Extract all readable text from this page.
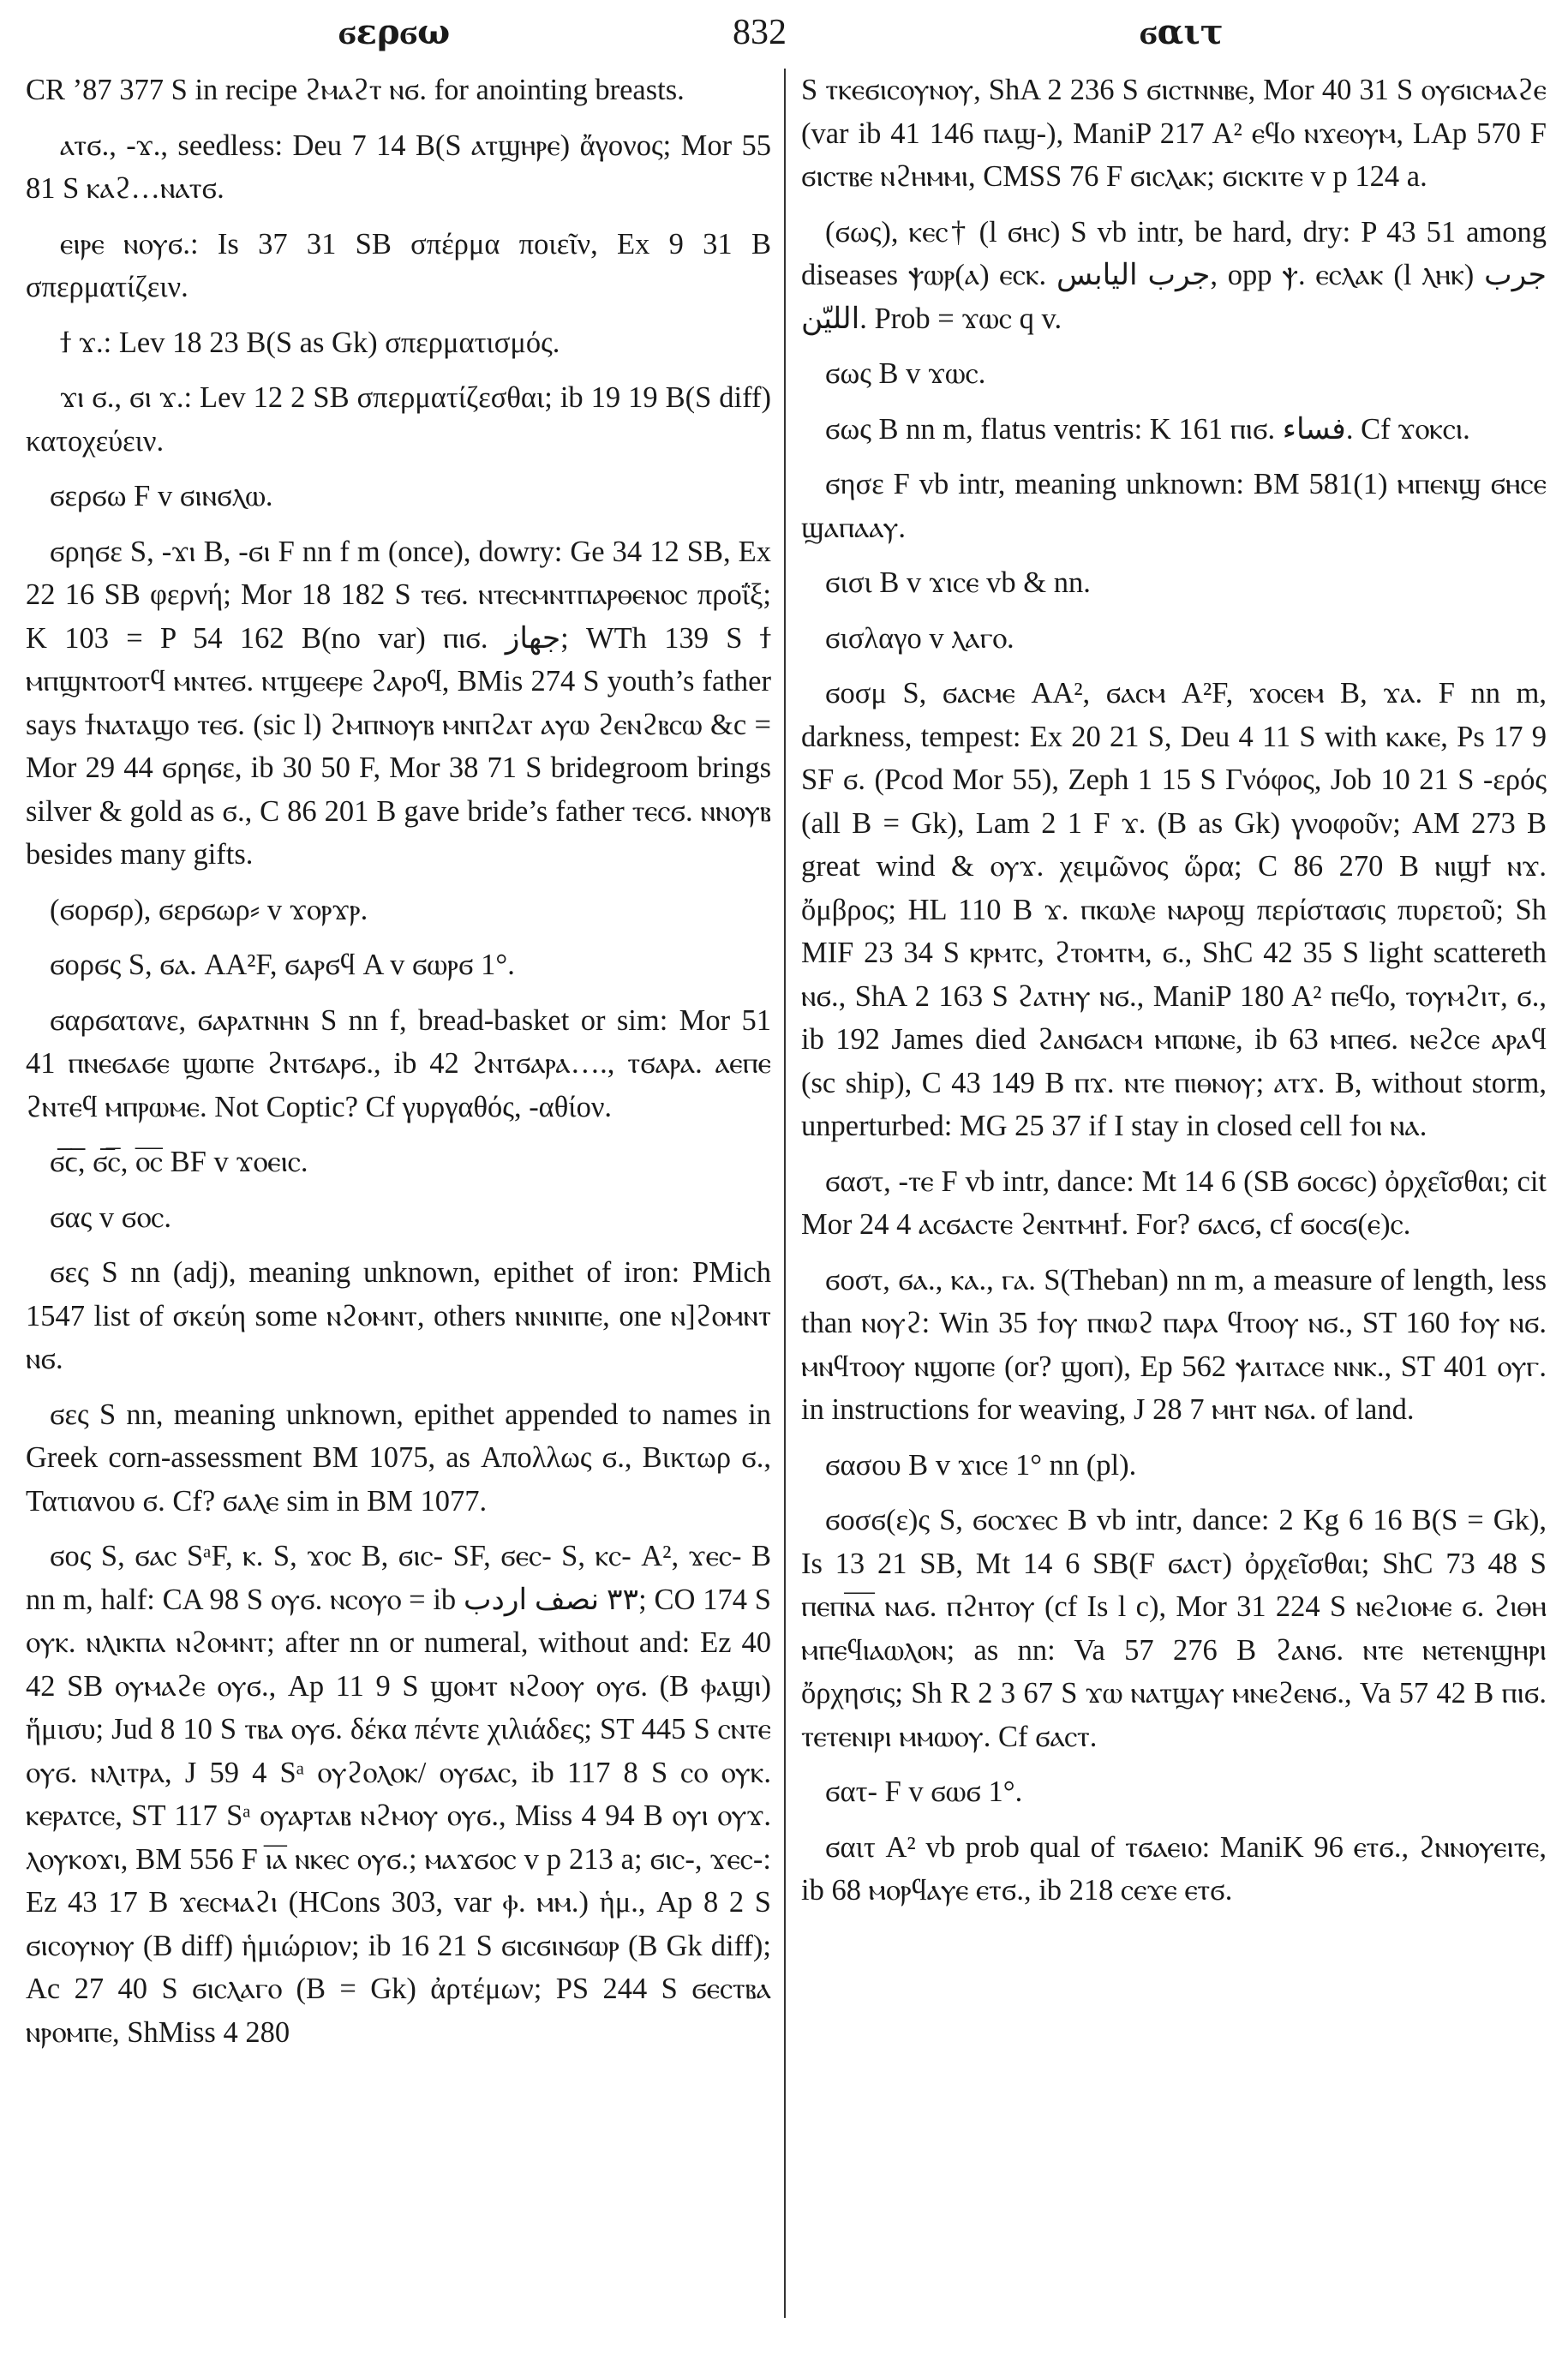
ϭερϭω	832	ϭαιτ

CR ’87 377 S in recipe ϩⲙⲁϩⲧ ⲛϭ. for anointing breasts.

ⲁⲧϭ., -ϫ., seedless: Deu 7 14 B(S ⲁⲧϣⲏⲣⲉ) ἄγονος; Mor 55 81 S ⲕⲁϩ…ⲛⲁⲧϭ.

ⲉⲓⲣⲉ ⲛⲟⲩϭ.: Is 37 31 SB σπέρμα ποιεῖν, Ex 9 31 B σπερματίζειν.

ϯ ϫ.: Lev 18 23 B(S as Gk) σπερματισμός.

ϫⲓ ϭ., ϭⲓ ϫ.: Lev 12 2 SB σπερματίζεσθαι; ib 19 19 B(S diff) κατοχεύειν.

ϭερϭω F v ϭⲓⲛϭⲗⲱ.

ϭρηϭε S, -ϫⲓ B, -ϭⲓ F nn f m (once), dowry: Ge 34 12 SB, Ex 22 16 SB φερνή; Mor 18 182 S ⲧⲉϭ. ⲛⲧⲉⲥⲙⲛⲧⲡⲁⲣⲑⲉⲛⲟⲥ προΐξ; K 103 = P 54 162 B(no var) ⲡⲓϭ. جهاز; WTh 139 S ϯ ⲙⲡϣⲛⲧⲟⲟⲧϥ ⲙⲛⲧⲉϭ. ⲛⲧϣⲉⲉⲣⲉ ϩⲁⲣⲟϥ, BMis 274 S youth’s father says ϯⲛⲁⲧⲁϣⲟ ⲧⲉϭ. (sic l) ϩⲙⲡⲛⲟⲩⲃ ⲙⲛⲡϩⲁⲧ ⲁⲩⲱ ϩⲉⲛϩⲃⲥⲱ &c = Mor 29 44 ϭρηϭε, ib 30 50 F, Mor 38 71 S bridegroom brings silver & gold as ϭ., C 86 201 B gave bride’s father ⲧⲉⲥϭ. ⲛⲛⲟⲩⲃ besides many gifts.

(ϭορϭρ), ϭερϭωρ⸗ v ϫⲟⲣϫⲣ.

ϭορϭς S, ϭⲁ. AA²F, ϭⲁⲣϭϥ A v ϭⲱⲣϭ 1°.

ϭαρϭατανε, ϭⲁⲣⲁⲧⲛⲏⲛ S nn f, bread-basket or sim: Mor 51 41 ⲡⲛⲉϭⲁϭⲉ ϣⲱⲡⲉ ϩⲛⲧϭⲁⲣϭ., ib 42 ϩⲛⲧϭⲁⲣⲁ…., ⲧϭⲁⲣⲁ. ⲁⲉⲡⲉ ϩⲛⲧⲉϥ ⲙⲡⲣⲱⲙⲉ. Not Coptic? Cf γυργαθός, -αθίον.

ϭ̅ϲ̅, ϭ̅ⲥ̅, ⲟ̅ⲥ̅ BF v ϫⲟⲉⲓⲥ.

ϭας v ϭⲟⲥ.

ϭες S nn (adj), meaning unknown, epithet of iron: PMich 1547 list of σκεύη some ⲛϩⲟⲙⲛⲧ, others ⲛⲛⲓⲛⲓⲡⲉ, one ⲛ]ϩⲟⲙⲛⲧ ⲛϭ.

ϭες S nn, meaning unknown, epithet appended to names in Greek corn-assessment BM 1075, as Απολλως ϭ., Βικτωρ ϭ., Τατιανου ϭ. Cf? ϭⲁⲗⲉ sim in BM 1077.

ϭος S, ϭⲁⲥ SᵃF, ⲕ. S, ϫⲟⲥ B, ϭⲓⲥ- SF, ϭⲉⲥ- S, ⲕⲥ- A², ϫⲉⲥ- B nn m, half: CA 98 S ⲟⲩϭ. ⲛⲥⲟⲩⲟ = ib ٣٣ نصف اردب; CO 174 S ⲟⲩⲕ. ⲛⲗⲓⲕⲡⲁ ⲛϩⲟⲙⲛⲧ; after nn or numeral, without and: Ez 40 42 SB ⲟⲩⲙⲁϩⲉ ⲟⲩϭ., Ap 11 9 S ϣⲟⲙⲧ ⲛϩⲟⲟⲩ ⲟⲩϭ. (B ⲫⲁϣⲓ) ἥμισυ; Jud 8 10 S ⲧⲃⲁ ⲟⲩϭ. δέκα πέντε χιλιάδες; ST 445 S ⲥⲛⲧⲉ ⲟⲩϭ. ⲛⲗⲓⲧⲣⲁ, J 59 4 Sᵃ ⲟⲩϩⲟⲗⲟⲕ/ ⲟⲩϭⲁⲥ, ib 117 8 S ⲥⲟ ⲟⲩⲕ. ⲕⲉⲣⲁⲧⲥⲉ, ST 117 Sᵃ ⲟⲩⲁⲣⲧⲁⲃ ⲛϩⲙⲟⲩ ⲟⲩϭ., Miss 4 94 B ⲟⲩⲓ ⲟⲩϫ. ⲗⲟⲩⲕⲟϫⲓ, BM 556 F ⲓ̅ⲁ̅ ⲛⲕⲉⲥ ⲟⲩϭ.; ⲙⲁϫϭⲟⲥ v p 213 a; ϭⲓⲥ-, ϫⲉⲥ-: Ez 43 17 B ϫⲉⲥⲙⲁϩⲓ (HCons 303, var ⲫ. ⲙⲙ.) ἡμ., Ap 8 2 S ϭⲓⲥⲟⲩⲛⲟⲩ (B diff) ἡμιώριον; ib 16 21 S ϭⲓⲥϭⲓⲛϭⲱⲣ (B Gk diff); Ac 27 40 S ϭⲓⲥⲗⲁⲅⲟ (B = Gk) ἀρτέμων; PS 244 S ϭⲉⲥⲧⲃⲁ ⲛⲣⲟⲙⲡⲉ, ShMiss 4 280

S ⲧⲕⲉϭⲓⲥⲟⲩⲛⲟⲩ, ShA 2 236 S ϭⲓⲥⲧⲛⲛⲃⲉ, Mor 40 31 S ⲟⲩϭⲓⲥⲙⲁϩⲉ (var ib 41 146 ⲡⲁϣ-), ManiP 217 A² ⲉϥⲟ ⲛϫⲉⲟⲩⲙ, LAp 570 F ϭⲓⲥⲧⲃⲉ ⲛϩⲏⲙⲙⲓ, CMSS 76 F ϭⲓⲥⲗⲁⲕ; ϭⲓⲥⲕⲓⲧⲉ v p 124 a.

(ϭως), ⲕⲉⲥ† (l ϭⲏⲥ) S vb intr, be hard, dry: P 43 51 among diseases ⲯⲱⲣ(ⲁ) ⲉⲥⲕ. جرب اليابس, opp ⲯ. ⲉⲥⲗⲁⲕ (l ⲗⲏⲕ) جرب الليّن. Prob = ϫⲱⲥ q v.

ϭως B v ϫⲱⲥ.

ϭως B nn m, flatus ventris: K 161 ⲡⲓϭ. فساء. Cf ϫⲟⲕⲥⲓ.

ϭησε F vb intr, meaning unknown: BM 581(1) ⲙⲡⲉⲛϣ ϭⲏⲥⲉ ϣⲁⲡⲁⲁⲩ.

ϭισι B v ϫⲓⲥⲉ vb & nn.

ϭισλαγο v ⲗⲁⲅⲟ.

ϭοσμ S, ϭⲁⲥⲙⲉ AA², ϭⲁⲥⲙ A²F, ϫⲟⲥⲉⲙ B, ϫⲁ. F nn m, darkness, tempest: Ex 20 21 S, Deu 4 11 S with ⲕⲁⲕⲉ, Ps 17 9 SF ϭ. (Pcod Mor 55), Zeph 1 15 S Γνόφος, Job 10 21 S -ερός (all B = Gk), Lam 2 1 F ϫ. (B as Gk) γνοφοῦν; AM 273 B great wind & ⲟⲩϫ. χειμῶνος ὥρα; C 86 270 B ⲛⲓϣϯ ⲛϫ. ὄμβρος; HL 110 B ϫ. ⲡⲕⲱⲗⲉ ⲛⲁⲣⲟϣ περίστασις πυρετοῦ; Sh MIF 23 34 S ⲕⲣⲙⲧⲥ, ϩⲧⲟⲙⲧⲙ, ϭ., ShC 42 35 S light scattereth ⲛϭ., ShA 2 163 S ϩⲁⲧⲏⲩ ⲛϭ., ManiP 180 A² ⲡⲉϥⲟ, ⲧⲟⲩⲙϩⲓⲧ, ϭ., ib 192 James died ϩⲁⲛϭⲁⲥⲙ ⲙⲡⲱⲛⲉ, ib 63 ⲙⲡⲉϭ. ⲛⲉϩⲥⲉ ⲁⲣⲁϥ (sc ship), C 43 149 B ⲡϫ. ⲛⲧⲉ ⲡⲓⲑⲛⲟⲩ; ⲁⲧϫ. B, without storm, unperturbed: MG 25 37 if I stay in closed cell ϯⲟⲓ ⲛⲁ.

ϭαστ, -ⲧⲉ F vb intr, dance: Mt 14 6 (SB ϭⲟⲥϭⲥ) ὀρχεῖσθαι; cit Mor 24 4 ⲁⲥϭⲁⲥⲧⲉ ϩⲉⲛⲧⲙⲏϯ. For? ϭⲁⲥϭ, cf ϭⲟⲥϭ(ⲉ)ⲥ.

ϭοστ, ϭⲁ., ⲕⲁ., ⲅⲁ. S(Theban) nn m, a measure of length, less than ⲛⲟⲩϩ: Win 35 ϯⲟⲩ ⲡⲛⲱϩ ⲡⲁⲣⲁ ϥⲧⲟⲟⲩ ⲛϭ., ST 160 ϯⲟⲩ ⲛϭ. ⲙⲛϥⲧⲟⲟⲩ ⲛϣⲟⲡⲉ (or? ϣⲟⲡ), Ep 562 ⲯⲁⲓⲧⲁⲥⲉ ⲛⲛⲕ., ST 401 ⲟⲩⲅ. in instructions for weaving, J 28 7 ⲙⲏⲧ ⲛϭⲁ. of land.

ϭασου B v ϫⲓⲥⲉ 1° nn (pl).

ϭοσϭ(ε)ς S, ϭⲟⲥϫⲉⲥ B vb intr, dance: 2 Kg 6 16 B(S = Gk), Is 13 21 SB, Mt 14 6 SB(F ϭⲁⲥⲧ) ὀρχεῖσθαι; ShC 73 48 S ⲡⲉⲡⲛ̅ⲁ̅ ⲛⲁϭ. ⲡϩⲏⲧⲟⲩ (cf Is l c), Mor 31 224 S ⲛⲉϩⲓⲟⲙⲉ ϭ. ϩⲓⲑⲏ ⲙⲡⲉϥⲓⲁⲱⲗⲟⲛ; as nn: Va 57 276 B ϩⲁⲛϭ. ⲛⲧⲉ ⲛⲉⲧⲉⲛϣⲏⲣⲓ ὄρχησις; Sh R 2 3 67 S ϫⲱ ⲛⲁⲧϣⲁⲩ ⲙⲛⲉϩⲉⲛϭ., Va 57 42 B ⲡⲓϭ. ⲧⲉⲧⲉⲛⲓⲣⲓ ⲙⲙⲱⲟⲩ. Cf ϭⲁⲥⲧ.

ϭατ- F v ϭⲱϭ 1°.

ϭαιτ A² vb prob qual of ⲧϭⲁⲉⲓⲟ: ManiK 96 ⲉⲧϭ., ϩⲛⲛⲟⲩⲉⲓⲧⲉ, ib 68 ⲙⲟⲣϥⲁⲩⲉ ⲉⲧϭ., ib 218 ⲥⲉϫⲉ ⲉⲧϭ.
